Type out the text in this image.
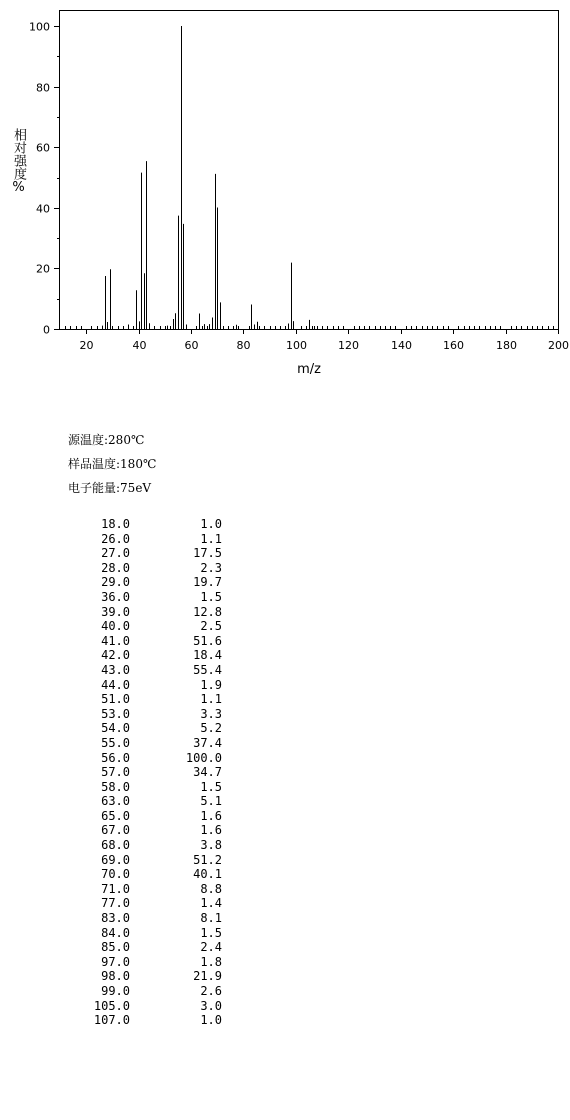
20	40	60	80	100	120	140	160	180	200
0
20
40
60
80
100
m/z
相对强度%
源温度:280℃
样品温度:180℃
电子能量:75eV
18.0	1.0
26.0	1.1
27.0	17.5
28.0	2.3
29.0	19.7
36.0	1.5
39.0	12.8
40.0	2.5
41.0	51.6
42.0	18.4
43.0	55.4
44.0	1.9
51.0	1.1
53.0	3.3
54.0	5.2
55.0	37.4
56.0	100.0
57.0	34.7
58.0	1.5
63.0	5.1
65.0	1.6
67.0	1.6
68.0	3.8
69.0	51.2
70.0	40.1
71.0	8.8
77.0	1.4
83.0	8.1
84.0	1.5
85.0	2.4
97.0	1.8
98.0	21.9
99.0	2.6
105.0	3.0
107.0	1.0
